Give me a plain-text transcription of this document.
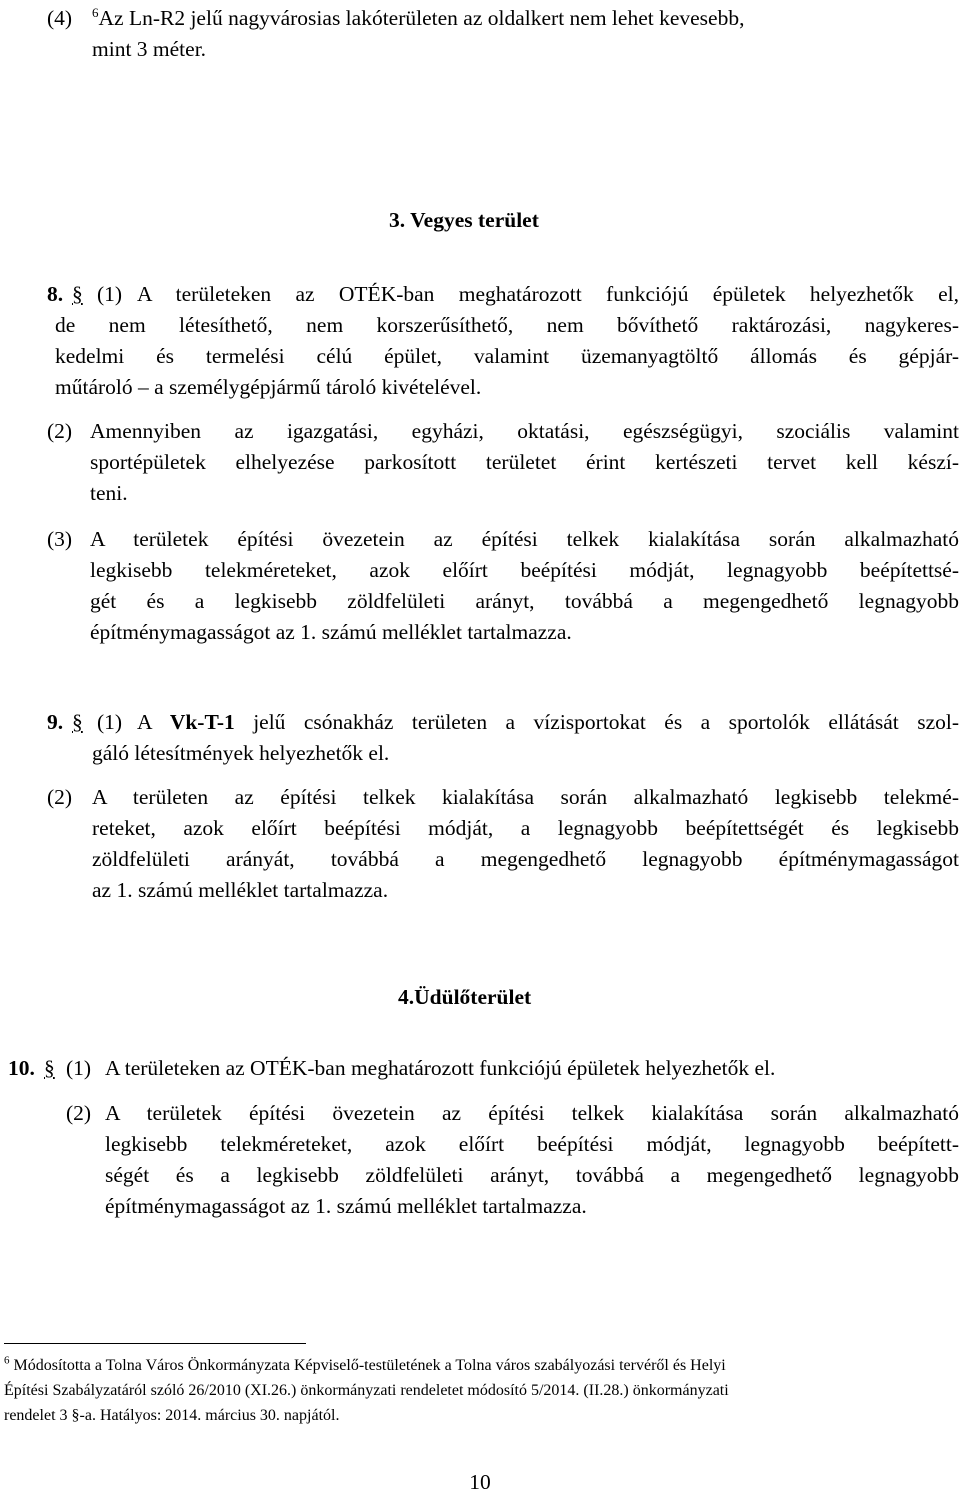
(4) $^6$Az Ln-R2 jelű nagyvárosias lakóterületen az oldalkert nem lehet kevesebb,
mint 3 méter.
3. Vegyes terület
8. § (1) A területeken az OTÉK-ban meghatározott funkciójú épületek helyezhetők el,
de nem létesíthető, nem korszerűsíthető, nem bővíthető raktározási, nagykeres-
kedelmi és termelési célú épület, valamint üzemanyagtöltő állomás és gépjár-
műtároló – a személygépjármű tároló kivételével.
(2) Amennyiben az igazgatási, egyházi, oktatási, egészségügyi, szociális valamint
sportépületek elhelyezése parkosított területet érint kertészeti tervet kell készí-
teni.
(3) A területek építési övezetein az építési telkek kialakítása során alkalmazható
legkisebb telekméreteket, azok előírt beépítési módját, legnagyobb beépítettsé-
gét és a legkisebb zöldfelületi arányt, továbbá a megengedhető legnagyobb
építménymagasságot az 1. számú melléklet tartalmazza.
9. § (1) A Vk-T-1 jelű csónakház területen a vízisportokat és a sportolók ellátását szol-
gáló létesítmények helyezhetők el.
(2) A területen az építési telkek kialakítása során alkalmazható legkisebb telekmé-
reteket, azok előírt beépítési módját, a legnagyobb beépítettségét és legkisebb
zöldfelületi arányát, továbbá a megengedhető legnagyobb építménymagasságot
az 1. számú melléklet tartalmazza.
4.Üdülőterület
10. § (1) A területeken az OTÉK-ban meghatározott funkciójú épületek helyezhetők el.
(2) A területek építési övezetein az építési telkek kialakítása során alkalmazható
legkisebb telekméreteket, azok előírt beépítési módját, legnagyobb beépített-
ségét és a legkisebb zöldfelületi arányt, továbbá a megengedhető legnagyobb
építménymagasságot az 1. számú melléklet tartalmazza.
$^6$ Módosította a Tolna Város Önkormányzata Képviselő-testületének a Tolna város szabályozási tervéről és Helyi
Építési Szabályzatáról szóló 26/2010 (XI.26.) önkormányzati rendeletet módosító 5/2014. (II.28.) önkormányzati
rendelet 3 §-a. Hatályos: 2014. március 30. napjától.
10
